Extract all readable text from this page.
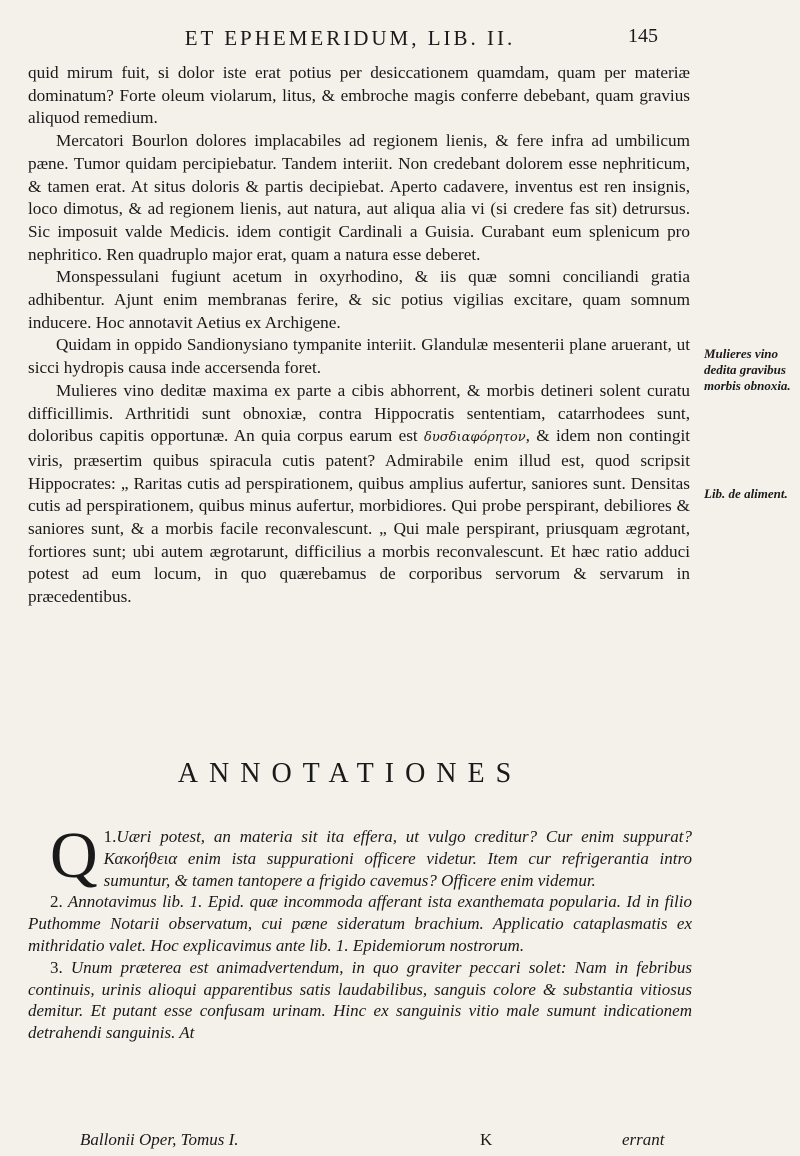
ET EPHEMERIDUM, LIB. II.	145

quid mirum fuit, si dolor iste erat potius per desiccationem quamdam, quam per materiæ dominatum? Forte oleum violarum, litus, & embroche magis conferre debebant, quam gravius aliquod remedium.

Mercatori Bourlon dolores implacabiles ad regionem lienis, & fere infra ad umbilicum pæne. Tumor quidam percipiebatur. Tandem interiit. Non credebant dolorem esse nephriticum, & tamen erat. At situs doloris & partis decipiebat. Aperto cadavere, inventus est ren insignis, loco dimotus, & ad regionem lienis, aut natura, aut aliqua alia vi (si credere fas sit) detrursus. Sic imposuit valde Medicis. idem contigit Cardinali a Guisia. Curabant eum splenicum pro nephritico. Ren quadruplo major erat, quam a natura esse deberet.

Monspessulani fugiunt acetum in oxyrhodino, & iis quæ somni conciliandi gratia adhibentur. Ajunt enim membranas ferire, & sic potius vigilias excitare, quam somnum inducere. Hoc annotavit Aetius ex Archigene.

Quidam in oppido Sandionysiano tympanite interiit. Glandulæ mesenterii plane aruerant, ut sicci hydropis causa inde accersenda foret.

Mulieres vino deditæ maxima ex parte a cibis abhorrent, & morbis detineri solent curatu difficillimis. Arthritidi sunt obnoxiæ, contra Hippocratis sententiam, catarrhodees sunt, doloribus capitis opportunæ. An quia corpus earum est δυσδιαφόρητον, & idem non contingit viris, præsertim quibus spiracula cutis patent? Admirabile enim illud est, quod scripsit Hippocrates: „ Raritas cutis ad perspirationem, quibus amplius aufertur, saniores sunt. Densitas cutis ad perspirationem, quibus minus aufertur, morbidiores. Qui probe perspirant, debiliores & saniores sunt, & a morbis facile reconvalescunt. „ Qui male perspirant, priusquam ægrotant, fortiores sunt; ubi autem ægrotarunt, difficilius a morbis reconvalescunt. Et hæc ratio adduci potest ad eum locum, in quo quærebamus de corporibus servorum & servarum in præcedentibus.

Mulieres vino dedita gravibus morbis obnoxia.
Lib. de aliment.
ANNOTATIONES

1.
Q Uæri potest, an materia sit ita effera, ut vulgo creditur? Cur enim suppurat? Κακοήθεια enim ista suppurationi officere videtur. Item cur refrigerantia intro sumuntur, & tamen tantopere a frigido cavemus? Officere enim videmur.

2. Annotavimus lib. 1. Epid. quæ incommoda afferant ista exanthemata popularia. Id in filio Puthomme Notarii observatum, cui pæne sideratum brachium. Applicatio cataplasmatis ex mithridatio valet. Hoc explicavimus ante lib. 1. Epidemiorum nostrorum.

3. Unum præterea est animadvertendum, in quo graviter peccari solet: Nam in febribus continuis, urinis alioqui apparentibus satis laudabilibus, sanguis colore & substantia vitiosus demitur. Et putant esse confusam urinam. Hinc ex sanguinis vitio male sumunt indicationem detrahendi sanguinis. At

Ballonii Oper, Tomus I.	K	errant
